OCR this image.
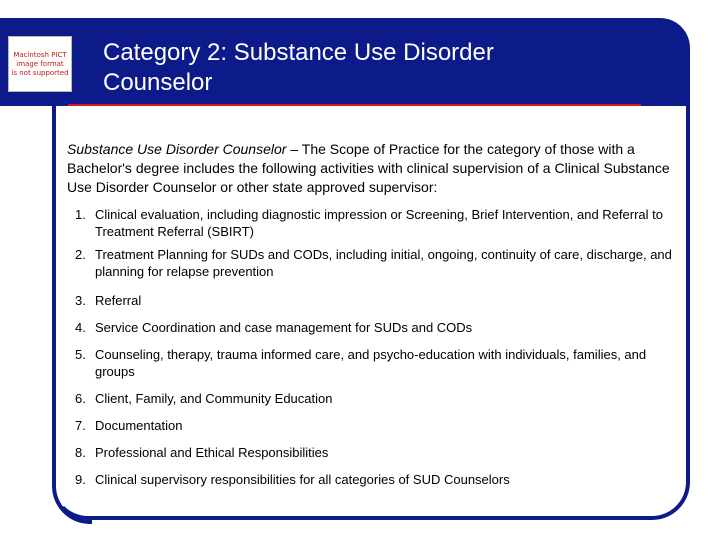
Macintosh PICT
image format
is not supported
Category 2: Substance Use Disorder
Counselor

Substance Use Disorder Counselor – The Scope of Practice for the category of those with a Bachelor's degree includes the following activities with clinical supervision of a Clinical Substance Use Disorder Counselor or other state approved supervisor:

1. Clinical evaluation, including diagnostic impression or Screening, Brief Intervention, and Referral to Treatment Referral (SBIRT)
2. Treatment Planning for SUDs and CODs, including initial, ongoing, continuity of care, discharge, and planning for relapse prevention
3. Referral
4. Service Coordination and case management for SUDs and CODs
5. Counseling, therapy, trauma informed care, and psycho-education with individuals, families, and groups
6. Client, Family, and Community Education
7. Documentation
8. Professional and Ethical Responsibilities
9. Clinical supervisory responsibilities for all categories of SUD Counselors
